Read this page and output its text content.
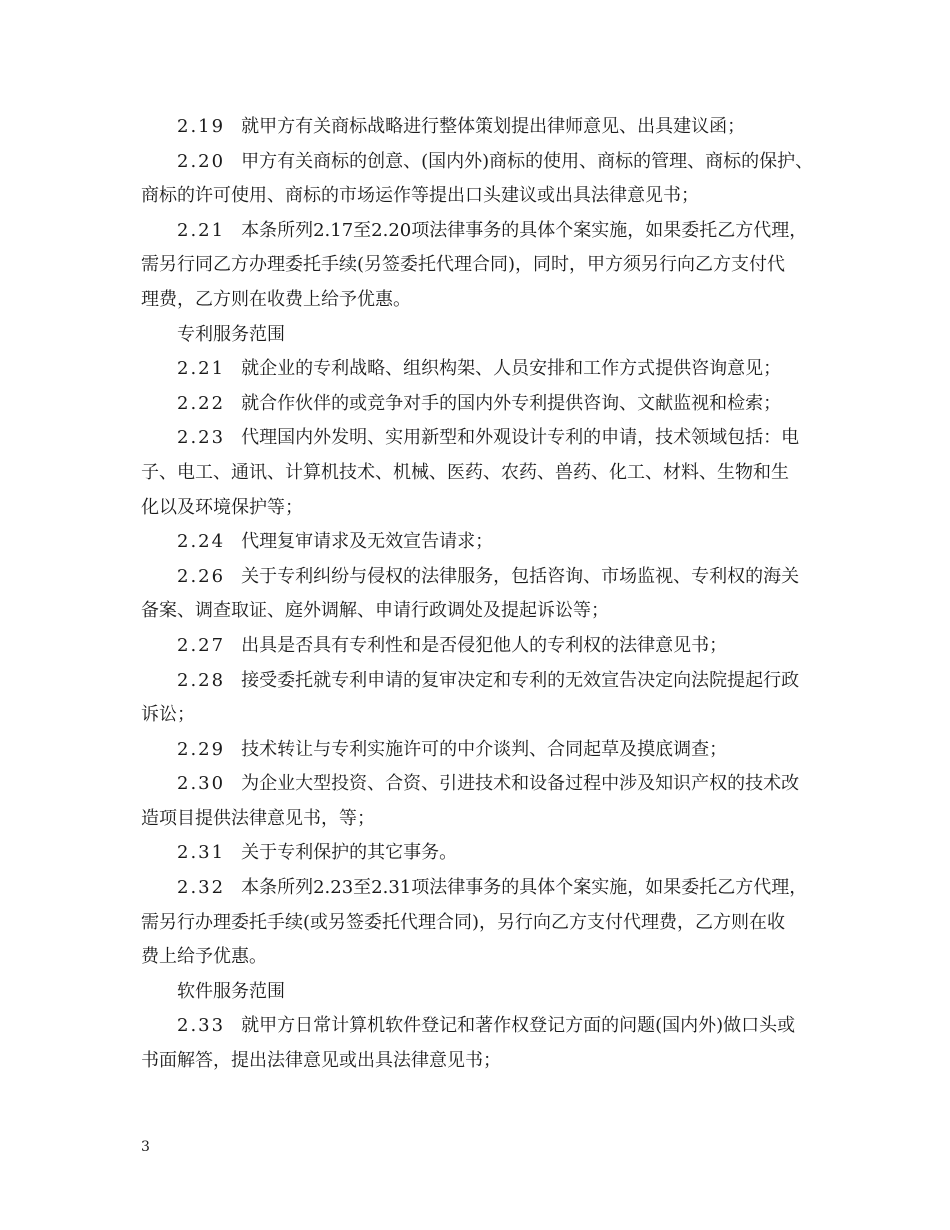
2.19 就甲方有关商标战略进行整体策划提出律师意见、出具建议函；
2.20 甲方有关商标的创意、(国内外)商标的使用、商标的管理、商标的保护、
商标的许可使用、商标的市场运作等提出口头建议或出具法律意见书；
2.21 本条所列2.17至2.20项法律事务的具体个案实施，如果委托乙方代理，
需另行同乙方办理委托手续(另签委托代理合同)，同时，甲方须另行向乙方支付代
理费，乙方则在收费上给予优惠。
专利服务范围
2.21 就企业的专利战略、组织构架、人员安排和工作方式提供咨询意见；
2.22 就合作伙伴的或竞争对手的国内外专利提供咨询、文献监视和检索；
2.23 代理国内外发明、实用新型和外观设计专利的申请，技术领域包括：电
子、电工、通讯、计算机技术、机械、医药、农药、兽药、化工、材料、生物和生
化以及环境保护等；
2.24 代理复审请求及无效宣告请求；
2.26 关于专利纠纷与侵权的法律服务，包括咨询、市场监视、专利权的海关
备案、调查取证、庭外调解、申请行政调处及提起诉讼等；
2.27 出具是否具有专利性和是否侵犯他人的专利权的法律意见书；
2.28 接受委托就专利申请的复审决定和专利的无效宣告决定向法院提起行政
诉讼；
2.29 技术转让与专利实施许可的中介谈判、合同起草及摸底调查；
2.30 为企业大型投资、合资、引进技术和设备过程中涉及知识产权的技术改
造项目提供法律意见书，等；
2.31 关于专利保护的其它事务。
2.32 本条所列2.23至2.31项法律事务的具体个案实施，如果委托乙方代理，
需另行办理委托手续(或另签委托代理合同)，另行向乙方支付代理费，乙方则在收
费上给予优惠。
软件服务范围
2.33 就甲方日常计算机软件登记和著作权登记方面的问题(国内外)做口头或
书面解答，提出法律意见或出具法律意见书；
3
